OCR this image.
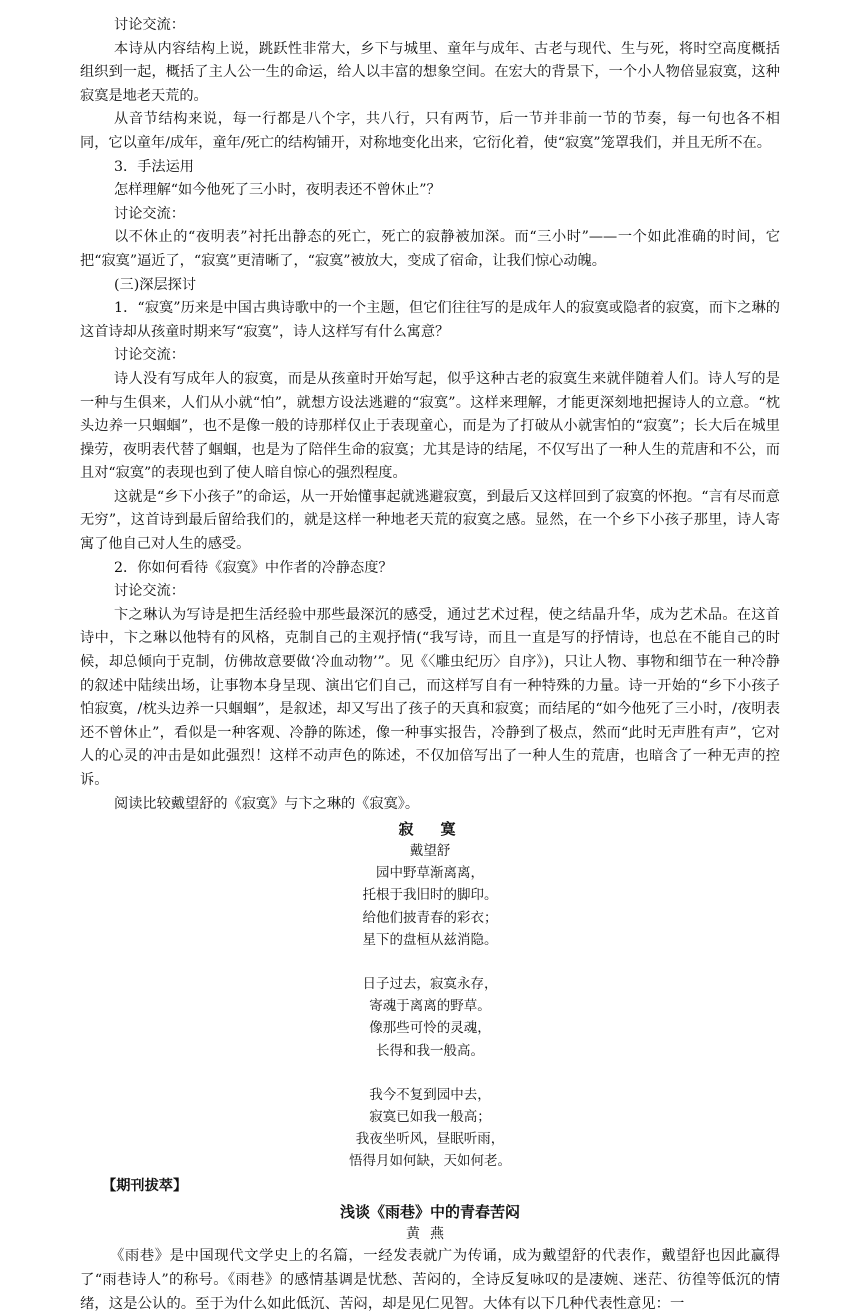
讨论交流：

本诗从内容结构上说，跳跃性非常大，乡下与城里、童年与成年、古老与现代、生与死，将时空高度概括组织到一起，概括了主人公一生的命运，给人以丰富的想象空间。在宏大的背景下，一个小人物倍显寂寞，这种寂寞是地老天荒的。

从音节结构来说，每一行都是八个字，共八行，只有两节，后一节并非前一节的节奏，每一句也各不相同，它以童年/成年，童年/死亡的结构铺开，对称地变化出来，它衍化着，使“寂寞”笼罩我们，并且无所不在。

3．手法运用

怎样理解“如今他死了三小时，夜明表还不曾休止”？

讨论交流：

以不休止的“夜明表”衬托出静态的死亡，死亡的寂静被加深。而“三小时”——一个如此准确的时间，它把“寂寞”逼近了，“寂寞”更清晰了，“寂寞”被放大，变成了宿命，让我们惊心动魄。

(三)深层探讨

1．“寂寞”历来是中国古典诗歌中的一个主题，但它们往往写的是成年人的寂寞或隐者的寂寞，而卞之琳的这首诗却从孩童时期来写“寂寞”，诗人这样写有什么寓意？

讨论交流：

诗人没有写成年人的寂寞，而是从孩童时开始写起，似乎这种古老的寂寞生来就伴随着人们。诗人写的是一种与生俱来，人们从小就“怕”，就想方设法逃避的“寂寞”。这样来理解，才能更深刻地把握诗人的立意。“枕头边养一只蝈蝈”，也不是像一般的诗那样仅止于表现童心，而是为了打破从小就害怕的“寂寞”；长大后在城里操劳，夜明表代替了蝈蝈，也是为了陪伴生命的寂寞；尤其是诗的结尾，不仅写出了一种人生的荒唐和不公，而且对“寂寞”的表现也到了使人暗自惊心的强烈程度。

这就是“乡下小孩子”的命运，从一开始懂事起就逃避寂寞，到最后又这样回到了寂寞的怀抱。“言有尽而意无穷”，这首诗到最后留给我们的，就是这样一种地老天荒的寂寞之感。显然，在一个乡下小孩子那里，诗人寄寓了他自己对人生的感受。

2．你如何看待《寂寞》中作者的冷静态度？

讨论交流：

卞之琳认为写诗是把生活经验中那些最深沉的感受，通过艺术过程，使之结晶升华，成为艺术品。在这首诗中，卞之琳以他特有的风格，克制自己的主观抒情(“我写诗，而且一直是写的抒情诗，也总在不能自己的时候，却总倾向于克制，仿佛故意要做‘冷血动物’”。见《〈雕虫纪历〉自序》)，只让人物、事物和细节在一种冷静的叙述中陆续出场，让事物本身呈现、演出它们自己，而这样写自有一种特殊的力量。诗一开始的“乡下小孩子怕寂寞，/枕头边养一只蝈蝈”，是叙述，却又写出了孩子的天真和寂寞；而结尾的“如今他死了三小时，/夜明表还不曾休止”，看似是一种客观、冷静的陈述，像一种事实报告，冷静到了极点，然而“此时无声胜有声”，它对人的心灵的冲击是如此强烈！这样不动声色的陈述，不仅加倍写出了一种人生的荒唐，也暗含了一种无声的控诉。

阅读比较戴望舒的《寂寞》与卞之琳的《寂寞》。

寂　寞
戴望舒
园中野草渐离离，
托根于我旧时的脚印。
给他们披青春的彩衣；
星下的盘桓从兹消隐。
日子过去，寂寞永存，
寄魂于离离的野草。
像那些可怜的灵魂，
长得和我一般高。
我今不复到园中去，
寂寞已如我一般高；
我夜坐听风，昼眠听雨，
悟得月如何缺，天如何老。
【期刊拔萃】
浅谈《雨巷》中的青春苦闷
黄燕

《雨巷》是中国现代文学史上的名篇，一经发表就广为传诵，成为戴望舒的代表作，戴望舒也因此赢得了“雨巷诗人”的称号。《雨巷》的感情基调是忧愁、苦闷的，全诗反复咏叹的是凄婉、迷茫、彷徨等低沉的情绪，这是公认的。至于为什么如此低沉、苦闷，却是见仁见智。大体有以下几种代表性意见：一
